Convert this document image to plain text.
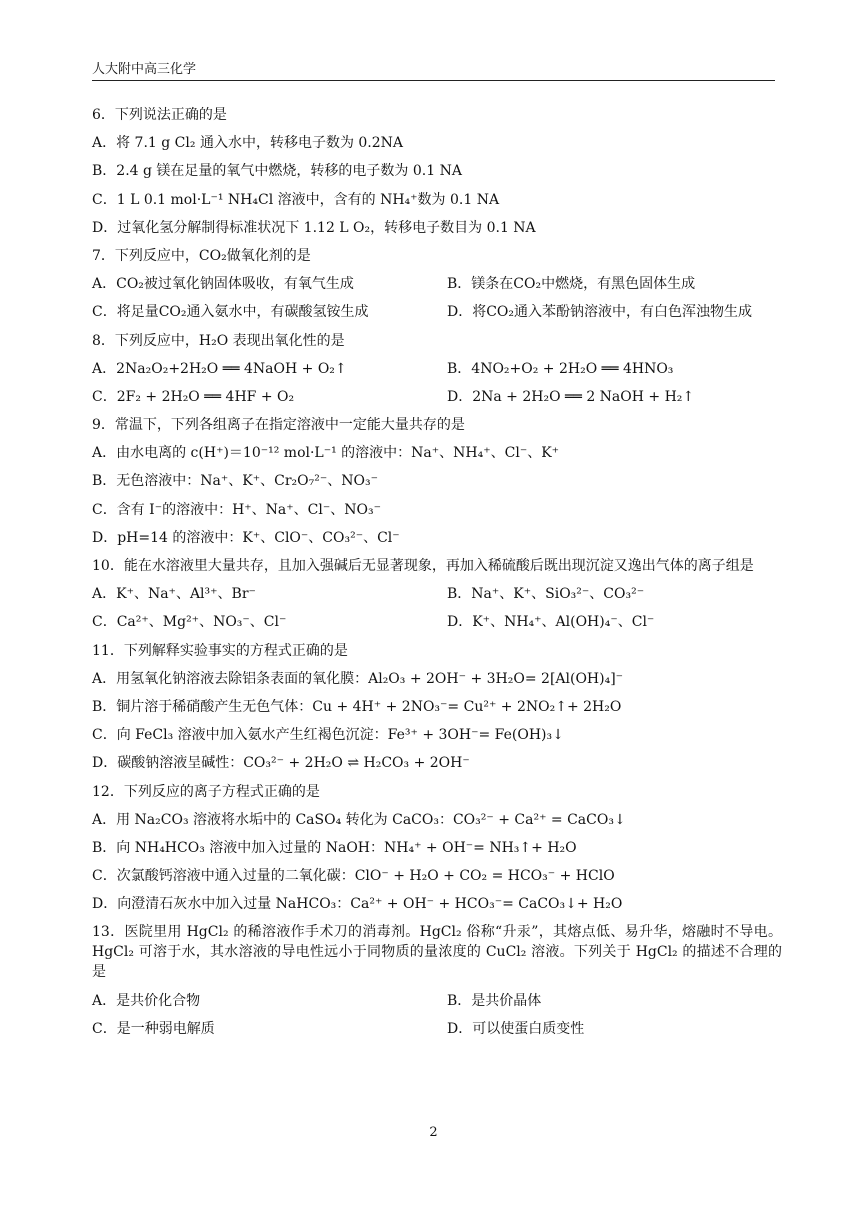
人大附中高三化学
6．下列说法正确的是
A．将 7.1 g Cl₂ 通入水中，转移电子数为 0.2NA
B．2.4 g 镁在足量的氧气中燃烧，转移的电子数为 0.1 NA
C．1 L 0.1 mol·L⁻¹ NH₄Cl 溶液中，含有的 NH₄⁺数为 0.1 NA
D．过氧化氢分解制得标准状况下 1.12 L O₂，转移电子数目为 0.1 NA
7．下列反应中，CO₂做氧化剂的是
A．CO₂被过氧化钠固体吸收，有氧气生成	B．镁条在CO₂中燃烧，有黑色固体生成
C．将足量CO₂通入氨水中，有碳酸氢铵生成	D．将CO₂通入苯酚钠溶液中，有白色浑浊物生成
8．下列反应中，H₂O 表现出氧化性的是
A．2Na₂O₂+2H₂O ══ 4NaOH + O₂↑	B．4NO₂+O₂ + 2H₂O ══ 4HNO₃
C．2F₂ + 2H₂O ══ 4HF + O₂	D．2Na + 2H₂O ══ 2 NaOH + H₂↑
9．常温下，下列各组离子在指定溶液中一定能大量共存的是
A．由水电离的 c(H⁺)＝10⁻¹² mol·L⁻¹ 的溶液中：Na⁺、NH₄⁺、Cl⁻、K⁺
B．无色溶液中：Na⁺、K⁺、Cr₂O₇²⁻、NO₃⁻
C．含有 I⁻的溶液中：H⁺、Na⁺、Cl⁻、NO₃⁻
D．pH=14 的溶液中：K⁺、ClO⁻、CO₃²⁻、Cl⁻
10．能在水溶液里大量共存，且加入强碱后无显著现象，再加入稀硫酸后既出现沉淀又逸出气体的离子组是
A．K⁺、Na⁺、Al³⁺、Br⁻	B．Na⁺、K⁺、SiO₃²⁻、CO₃²⁻
C．Ca²⁺、Mg²⁺、NO₃⁻、Cl⁻	D．K⁺、NH₄⁺、Al(OH)₄⁻、Cl⁻
11．下列解释实验事实的方程式正确的是
A．用氢氧化钠溶液去除铝条表面的氧化膜：Al₂O₃ + 2OH⁻ + 3H₂O= 2[Al(OH)₄]⁻
B．铜片溶于稀硝酸产生无色气体：Cu + 4H⁺ + 2NO₃⁻= Cu²⁺ + 2NO₂↑+ 2H₂O
C．向 FeCl₃ 溶液中加入氨水产生红褐色沉淀：Fe³⁺ + 3OH⁻= Fe(OH)₃↓
D．碳酸钠溶液呈碱性：CO₃²⁻ + 2H₂O ⇌ H₂CO₃ + 2OH⁻
12．下列反应的离子方程式正确的是
A．用 Na₂CO₃ 溶液将水垢中的 CaSO₄ 转化为 CaCO₃：CO₃²⁻ + Ca²⁺ = CaCO₃↓
B．向 NH₄HCO₃ 溶液中加入过量的 NaOH：NH₄⁺ + OH⁻= NH₃↑+ H₂O
C．次氯酸钙溶液中通入过量的二氧化碳：ClO⁻ + H₂O + CO₂ = HCO₃⁻ + HClO
D．向澄清石灰水中加入过量 NaHCO₃：Ca²⁺ + OH⁻ + HCO₃⁻= CaCO₃↓+ H₂O
13．医院里用 HgCl₂ 的稀溶液作手术刀的消毒剂。HgCl₂ 俗称“升汞”，其熔点低、易升华，熔融时不导电。HgCl₂ 可溶于水，其水溶液的导电性远小于同物质的量浓度的 CuCl₂ 溶液。下列关于 HgCl₂ 的描述不合理的是
A．是共价化合物	B．是共价晶体
C．是一种弱电解质	D．可以使蛋白质变性
2
